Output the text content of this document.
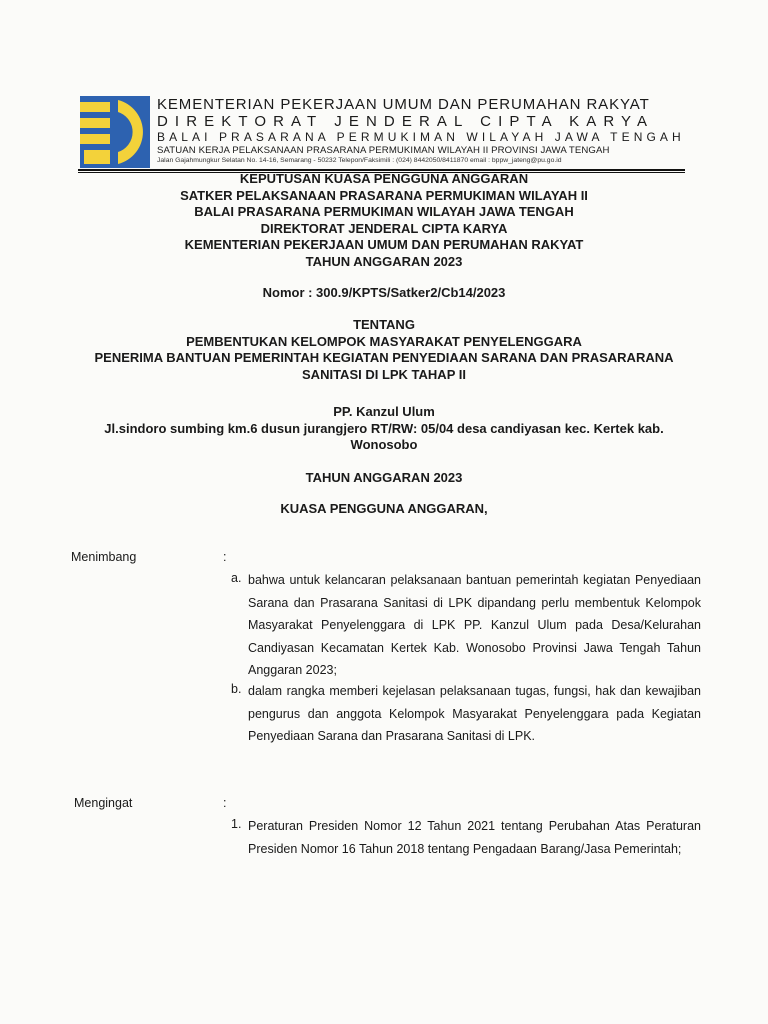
KEMENTERIAN PEKERJAAN UMUM DAN PERUMAHAN RAKYAT
DIREKTORAT JENDERAL CIPTA KARYA
BALAI PRASARANA PERMUKIMAN WILAYAH JAWA TENGAH
SATUAN KERJA PELAKSANAAN PRASARANA PERMUKIMAN WILAYAH II PROVINSI JAWA TENGAH
Jalan Gajahmungkur Selatan No. 14-16, Semarang - 50232 Telepon/Faksimili : (024) 8442050/8411870 email : bppw_jateng@pu.go.id
KEPUTUSAN KUASA PENGGUNA ANGGARAN
SATKER PELAKSANAAN PRASARANA PERMUKIMAN WILAYAH II
BALAI PRASARANA PERMUKIMAN WILAYAH JAWA TENGAH
DIREKTORAT JENDERAL CIPTA KARYA
KEMENTERIAN PEKERJAAN UMUM DAN PERUMAHAN RAKYAT
TAHUN ANGGARAN 2023
Nomor : 300.9/KPTS/Satker2/Cb14/2023
TENTANG
PEMBENTUKAN KELOMPOK MASYARAKAT PENYELENGGARA
PENERIMA BANTUAN PEMERINTAH KEGIATAN PENYEDIAAN SARANA DAN PRASARARANA
SANITASI DI LPK TAHAP II
PP. Kanzul Ulum
Jl.sindoro sumbing km.6 dusun jurangjero RT/RW: 05/04 desa candiyasan kec. Kertek kab.
Wonosobo
TAHUN ANGGARAN 2023
KUASA PENGGUNA ANGGARAN,
Menimbang	:
a. bahwa untuk kelancaran pelaksanaan bantuan pemerintah kegiatan Penyediaan Sarana dan Prasarana Sanitasi di LPK dipandang perlu membentuk Kelompok Masyarakat Penyelenggara di LPK PP. Kanzul Ulum pada Desa/Kelurahan Candiyasan Kecamatan Kertek Kab. Wonosobo Provinsi Jawa Tengah Tahun Anggaran 2023;
b. dalam rangka memberi kejelasan pelaksanaan tugas, fungsi, hak dan kewajiban pengurus dan anggota Kelompok Masyarakat Penyelenggara pada Kegiatan Penyediaan Sarana dan Prasarana Sanitasi di LPK.
Mengingat	:
1. Peraturan Presiden Nomor 12 Tahun 2021 tentang Perubahan Atas Peraturan Presiden Nomor 16 Tahun 2018 tentang Pengadaan Barang/Jasa Pemerintah;
